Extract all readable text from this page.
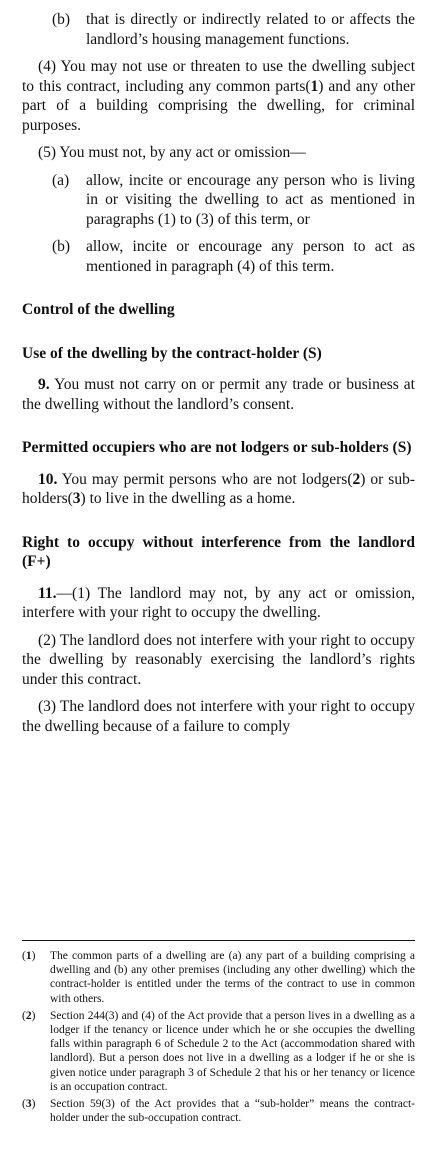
(b)	that is directly or indirectly related to or affects the landlord’s housing management functions.

(4) You may not use or threaten to use the dwelling subject to this contract, including any common parts(1) and any other part of a building comprising the dwelling, for criminal purposes.

(5) You must not, by any act or omission—

(a)	allow, incite or encourage any person who is living in or visiting the dwelling to act as mentioned in paragraphs (1) to (3) of this term, or
(b)	allow, incite or encourage any person to act as mentioned in paragraph (4) of this term.

Control of the dwelling

Use of the dwelling by the contract-holder (S)

9. You must not carry on or permit any trade or business at the dwelling without the landlord’s consent.

Permitted occupiers who are not lodgers or sub-holders (S)

10. You may permit persons who are not lodgers(2) or sub-holders(3) to live in the dwelling as a home.

Right to occupy without interference from the landlord (F+)

11.—(1) The landlord may not, by any act or omission, interfere with your right to occupy the dwelling.

(2) The landlord does not interfere with your right to occupy the dwelling by reasonably exercising the landlord’s rights under this contract.

(3) The landlord does not interfere with your right to occupy the dwelling because of a failure to comply

(1)	The common parts of a dwelling are (a) any part of a building comprising a dwelling and (b) any other premises (including any other dwelling) which the contract-holder is entitled under the terms of the contract to use in common with others.
(2)	Section 244(3) and (4) of the Act provide that a person lives in a dwelling as a lodger if the tenancy or licence under which he or she occupies the dwelling falls within paragraph 6 of Schedule 2 to the Act (accommodation shared with landlord). But a person does not live in a dwelling as a lodger if he or she is given notice under paragraph 3 of Schedule 2 that his or her tenancy or licence is an occupation contract.
(3)	Section 59(3) of the Act provides that a “sub-holder” means the contract-holder under the sub-occupation contract.
